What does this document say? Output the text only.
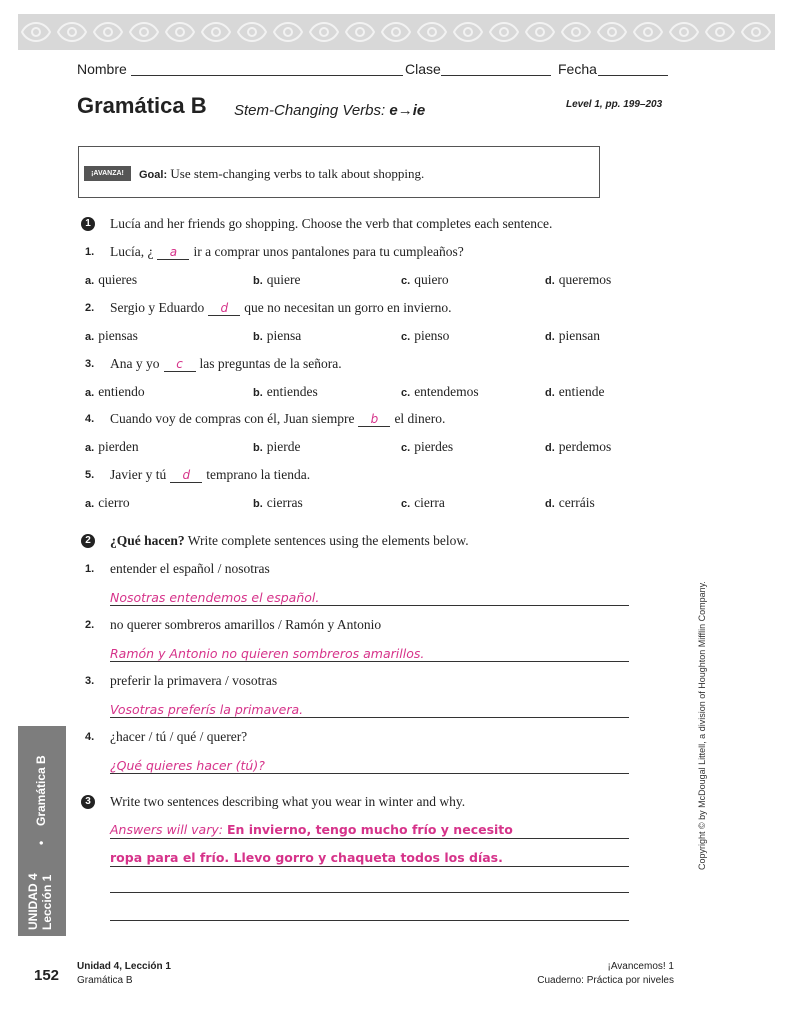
Nombre	Clase	Fecha
Gramática B Stem-Changing Verbs: e→ie	Level 1, pp. 199–203
¡AVANZA!	Goal: Use stem-changing verbs to talk about shopping.
1	Lucía and her friends go shopping. Choose the verb that completes each sentence.
1. Lucía, ¿ a ir a comprar unos pantalones para tu cumpleaños?
a. quieres	b. quiere	c. quiero	d. queremos
2. Sergio y Eduardo d que no necesitan un gorro en invierno.
a. piensas	b. piensa	c. pienso	d. piensan
3. Ana y yo c las preguntas de la señora.
a. entiendo	b. entiendes	c. entendemos	d. entiende
4. Cuando voy de compras con él, Juan siempre b el dinero.
a. pierden	b. pierde	c. pierdes	d. perdemos
5. Javier y tú d temprano la tienda.
a. cierro	b. cierras	c. cierra	d. cerráis
2	¿Qué hacen? Write complete sentences using the elements below.
1. entender el español / nosotras
Nosotras entendemos el español.
2. no querer sombreros amarillos / Ramón y Antonio
Ramón y Antonio no quieren sombreros amarillos.
3. preferir la primavera / vosotras
Vosotras preferís la primavera.
4. ¿hacer / tú / qué / querer?
¿Qué quieres hacer (tú)?
3	Write two sentences describing what you wear in winter and why.
Answers will vary: En invierno, tengo mucho frío y necesito
ropa para el frío. Llevo gorro y chaqueta todos los días.
UNIDAD 4 Lección 1
•
Gramática B	Copyright © by McDougal Littell, a division of Houghton Mifflin Company.
152
Unidad 4, Lección 1
Gramática B
¡Avancemos! 1
Cuaderno: Práctica por niveles
